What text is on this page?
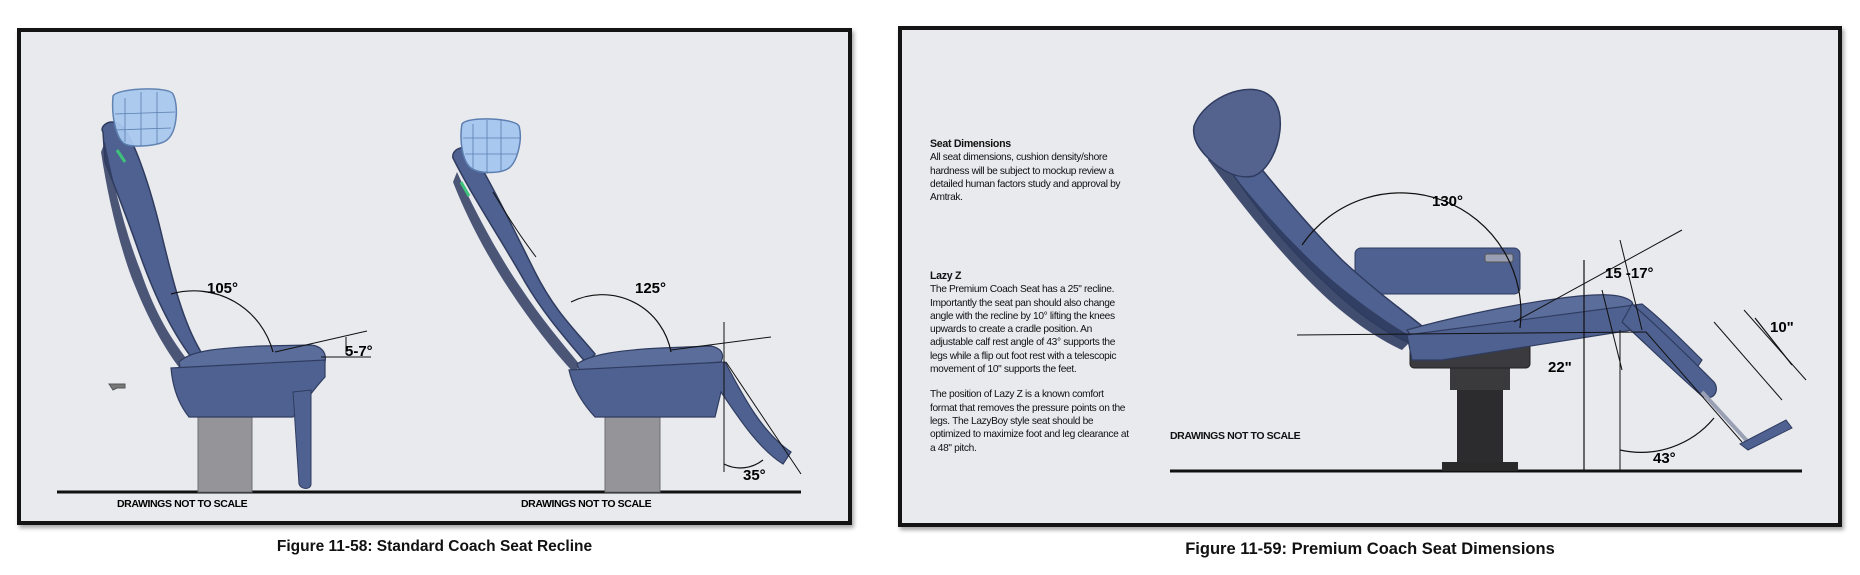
105°
5-7°
125°
35°
DRAWINGS NOT TO SCALE	DRAWINGS NOT TO SCALE
Figure 11-58: Standard Coach Seat Recline
Seat Dimensions

All seat dimensions, cushion density/shore hardness will be subject to mockup review a detailed human factors study and approval by Amtrak.

Lazy Z

The Premium Coach Seat has a 25" recline. Importantly the seat pan should also change angle with the recline by 10° lifting the knees upwards to create a cradle position. An adjustable calf rest angle of 43° supports the legs while a flip out foot rest with a telescopic movement of 10" supports the feet.

The position of Lazy Z is a known comfort format that removes the pressure points on the legs. The LazyBoy style seat should be optimized to maximize foot and leg clearance at a 48" pitch.

130°
15 -17°
22"
10"
43°
DRAWINGS NOT TO SCALE
Figure 11-59: Premium Coach Seat Dimensions
